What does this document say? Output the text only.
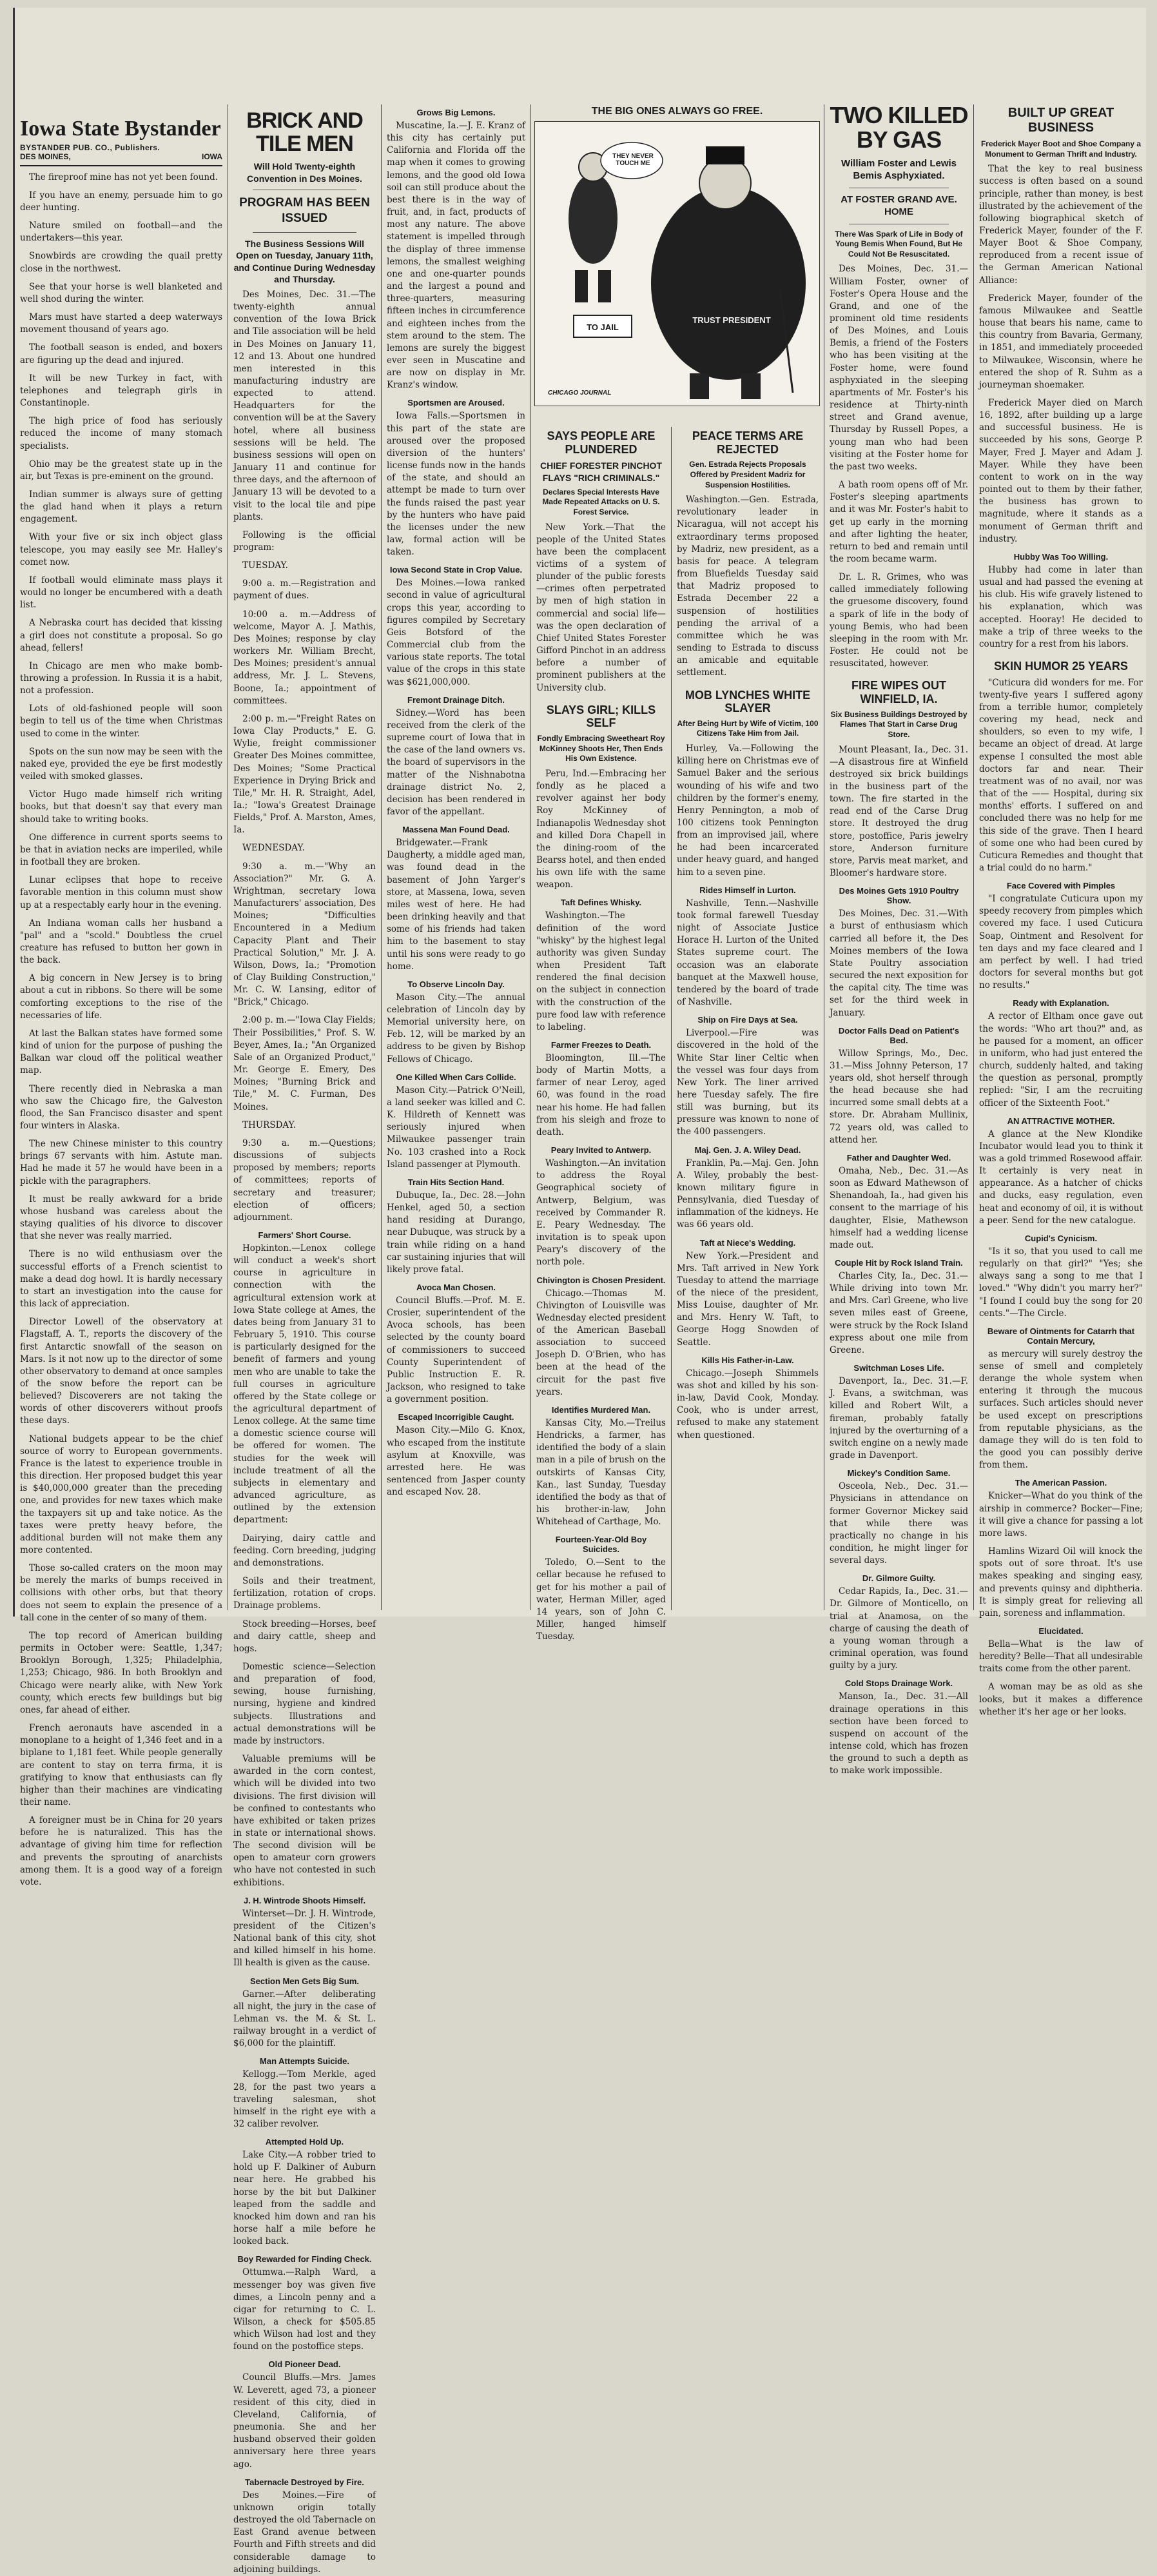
Iowa State Bystander
BYSTANDER PUB. CO., Publishers.
DES MOINES,	IOWA

The fireproof mine has not yet been found.

If you have an enemy, persuade him to go deer hunting.

Nature smiled on football—and the undertakers—this year.

Snowbirds are crowding the quail pretty close in the northwest.

See that your horse is well blanketed and well shod during the winter.

Mars must have started a deep waterways movement thousand of years ago.

The football season is ended, and boxers are figuring up the dead and injured.

It will be new Turkey in fact, with telephones and telegraph girls in Constantinople.

The high price of food has seriously reduced the income of many stomach specialists.

Ohio may be the greatest state up in the air, but Texas is pre-eminent on the ground.

Indian summer is always sure of getting the glad hand when it plays a return engagement.

With your five or six inch object glass telescope, you may easily see Mr. Halley's comet now.

If football would eliminate mass plays it would no longer be encumbered with a death list.

A Nebraska court has decided that kissing a girl does not constitute a proposal. So go ahead, fellers!

In Chicago are men who make bomb-throwing a profession. In Russia it is a habit, not a profession.

Lots of old-fashioned people will soon begin to tell us of the time when Christmas used to come in the winter.

Spots on the sun now may be seen with the naked eye, provided the eye be first modestly veiled with smoked glasses.

Victor Hugo made himself rich writing books, but that doesn't say that every man should take to writing books.

One difference in current sports seems to be that in aviation necks are imperiled, while in football they are broken.

Lunar eclipses that hope to receive favorable mention in this column must show up at a respectably early hour in the evening.

An Indiana woman calls her husband a "pal" and a "scold." Doubtless the cruel creature has refused to button her gown in the back.

A big concern in New Jersey is to bring about a cut in ribbons. So there will be some comforting exceptions to the rise of the necessaries of life.

At last the Balkan states have formed some kind of union for the purpose of pushing the Balkan war cloud off the political weather map.

There recently died in Nebraska a man who saw the Chicago fire, the Galveston flood, the San Francisco disaster and spent four winters in Alaska.

The new Chinese minister to this country brings 67 servants with him. Astute man. Had he made it 57 he would have been in a pickle with the paragraphers.

It must be really awkward for a bride whose husband was careless about the staying qualities of his divorce to discover that she never was really married.

There is no wild enthusiasm over the successful efforts of a French scientist to make a dead dog howl. It is hardly necessary to start an investigation into the cause for this lack of appreciation.

Director Lowell of the observatory at Flagstaff, A. T., reports the discovery of the first Antarctic snowfall of the season on Mars. Is it not now up to the director of some other observatory to demand at once samples of the snow before the report can be believed? Discoverers are not taking the words of other discoverers without proofs these days.

National budgets appear to be the chief source of worry to European governments. France is the latest to experience trouble in this direction. Her proposed budget this year is $40,000,000 greater than the preceding one, and provides for new taxes which make the taxpayers sit up and take notice. As the taxes were pretty heavy before, the additional burden will not make them any more contented.

Those so-called craters on the moon may be merely the marks of bumps received in collisions with other orbs, but that theory does not seem to explain the presence of a tall cone in the center of so many of them.

The top record of American building permits in October were: Seattle, 1,347; Brooklyn Borough, 1,325; Philadelphia, 1,253; Chicago, 986. In both Brooklyn and Chicago were nearly alike, with New York county, which erects few buildings but big ones, far ahead of either.

French aeronauts have ascended in a monoplane to a height of 1,346 feet and in a biplane to 1,181 feet. While people generally are content to stay on terra firma, it is gratifying to know that enthusiasts can fly higher than their machines are vindicating their name.

A foreigner must be in China for 20 years before he is naturalized. This has the advantage of giving him time for reflection and prevents the sprouting of anarchists among them. It is a good way of a foreign vote.

BRICK AND TILE MEN
Will Hold Twenty-eighth Convention in Des Moines.
PROGRAM HAS BEEN ISSUED
The Business Sessions Will Open on Tuesday, January 11th, and Continue During Wednesday and Thursday.

Des Moines, Dec. 31.—The twenty-eighth annual convention of the Iowa Brick and Tile association will be held in Des Moines on January 11, 12 and 13. About one hundred men interested in this manufacturing industry are expected to attend. Headquarters for the convention will be at the Savery hotel, where all business sessions will be held. The business sessions will open on January 11 and continue for three days, and the afternoon of January 13 will be devoted to a visit to the local tile and pipe plants.

Following is the official program:

TUESDAY.

9:00 a. m.—Registration and payment of dues.

10:00 a. m.—Address of welcome, Mayor A. J. Mathis, Des Moines; response by clay workers Mr. William Brecht, Des Moines; president's annual address, Mr. J. L. Stevens, Boone, Ia.; appointment of committees.

2:00 p. m.—"Freight Rates on Iowa Clay Products," E. G. Wylie, freight commissioner Greater Des Moines committee, Des Moines; "Some Practical Experience in Drying Brick and Tile," Mr. H. R. Straight, Adel, Ia.; "Iowa's Greatest Drainage Fields," Prof. A. Marston, Ames, Ia.

WEDNESDAY.

9:30 a. m.—"Why an Association?" Mr. G. A. Wrightman, secretary Iowa Manufacturers' association, Des Moines; "Difficulties Encountered in a Medium Capacity Plant and Their Practical Solution," Mr. J. A. Wilson, Dows, Ia.; "Promotion of Clay Building Construction," Mr. C. W. Lansing, editor of "Brick," Chicago.

2:00 p. m.—"Iowa Clay Fields; Their Possibilities," Prof. S. W. Beyer, Ames, Ia.; "An Organized Sale of an Organized Product," Mr. George E. Emery, Des Moines; "Burning Brick and Tile," M. C. Furman, Des Moines.

THURSDAY.

9:30 a. m.—Questions; discussions of subjects proposed by members; reports of committees; reports of secretary and treasurer; election of officers; adjournment.

Farmers' Short Course.

Hopkinton.—Lenox college will conduct a week's short course in agriculture in connection with the agricultural extension work at Iowa State college at Ames, the dates being from January 31 to February 5, 1910. This course is particularly designed for the benefit of farmers and young men who are unable to take the full courses in agriculture offered by the State college or the agricultural department of Lenox college. At the same time a domestic science course will be offered for women. The studies for the week will include treatment of all the subjects in elementary and advanced agriculture, as outlined by the extension department:

Dairying, dairy cattle and feeding. Corn breeding, judging and demonstrations.

Soils and their treatment, fertilization, rotation of crops. Drainage problems.

Stock breeding—Horses, beef and dairy cattle, sheep and hogs.

Domestic science—Selection and preparation of food, sewing, house furnishing, nursing, hygiene and kindred subjects. Illustrations and actual demonstrations will be made by instructors.

Valuable premiums will be awarded in the corn contest, which will be divided into two divisions. The first division will be confined to contestants who have exhibited or taken prizes in state or international shows. The second division will be open to amateur corn growers who have not contested in such exhibitions.

J. H. Wintrode Shoots Himself.

Winterset—Dr. J. H. Wintrode, president of the Citizen's National bank of this city, shot and killed himself in his home. Ill health is given as the cause.

Section Men Gets Big Sum.

Garner.—After deliberating all night, the jury in the case of Lehman vs. the M. & St. L. railway brought in a verdict of $6,000 for the plaintiff.

Man Attempts Suicide.

Kellogg.—Tom Merkle, aged 28, for the past two years a traveling salesman, shot himself in the right eye with a 32 caliber revolver.

Attempted Hold Up.

Lake City.—A robber tried to hold up F. Dalkiner of Auburn near here. He grabbed his horse by the bit but Dalkiner leaped from the saddle and knocked him down and ran his horse half a mile before he looked back.

Boy Rewarded for Finding Check.

Ottumwa.—Ralph Ward, a messenger boy was given five dimes, a Lincoln penny and a cigar for returning to C. L. Wilson, a check for $505.85 which Wilson had lost and they found on the postoffice steps.

Old Pioneer Dead.

Council Bluffs.—Mrs. James W. Leverett, aged 73, a pioneer resident of this city, died in Cleveland, California, of pneumonia. She and her husband observed their golden anniversary here three years ago.

Tabernacle Destroyed by Fire.

Des Moines.—Fire of unknown origin totally destroyed the old Tabernacle on East Grand avenue between Fourth and Fifth streets and did considerable damage to adjoining buildings.

Grows Big Lemons.

Muscatine, Ia.—J. E. Kranz of this city has certainly put California and Florida off the map when it comes to growing lemons, and the good old Iowa soil can still produce about the best there is in the way of fruit, and, in fact, products of most any nature. The above statement is impelled through the display of three immense lemons, the smallest weighing one and one-quarter pounds and the largest a pound and three-quarters, measuring fifteen inches in circumference and eighteen inches from the stem around to the stem. The lemons are surely the biggest ever seen in Muscatine and are now on display in Mr. Kranz's window.

Sportsmen are Aroused.

Iowa Falls.—Sportsmen in this part of the state are aroused over the proposed diversion of the hunters' license funds now in the hands of the state, and should an attempt be made to turn over the funds raised the past year by the hunters who have paid the licenses under the new law, formal action will be taken.

Iowa Second State in Crop Value.

Des Moines.—Iowa ranked second in value of agricultural crops this year, according to figures compiled by Secretary Geis Botsford of the Commercial club from the various state reports. The total value of the crops in this state was $621,000,000.

Fremont Drainage Ditch.

Sidney.—Word has been received from the clerk of the supreme court of Iowa that in the case of the land owners vs. the board of supervisors in the matter of the Nishnabotna drainage district No. 2, decision has been rendered in favor of the appellant.

Massena Man Found Dead.

Bridgewater.—Frank Daugherty, a middle aged man, was found dead in the basement of John Yarger's store, at Massena, Iowa, seven miles west of here. He had been drinking heavily and that some of his friends had taken him to the basement to stay until his sons were ready to go home.

To Observe Lincoln Day.

Mason City.—The annual celebration of Lincoln day by Memorial university here, on Feb. 12, will be marked by an address to be given by Bishop Fellows of Chicago.

One Killed When Cars Collide.

Mason City.—Patrick O'Neill, a land seeker was killed and C. K. Hildreth of Kennett was seriously injured when Milwaukee passenger train No. 103 crashed into a Rock Island passenger at Plymouth.

Train Hits Section Hand.

Dubuque, Ia., Dec. 28.—John Henkel, aged 50, a section hand residing at Durango, near Dubuque, was struck by a train while riding on a hand car sustaining injuries that will likely prove fatal.

Avoca Man Chosen.

Council Bluffs.—Prof. M. E. Crosier, superintendent of the Avoca schools, has been selected by the county board of commissioners to succeed County Superintendent of Public Instruction E. R. Jackson, who resigned to take a government position.

Escaped Incorrigible Caught.

Mason City.—Milo G. Knox, who escaped from the institute asylum at Knoxville, was arrested here. He was sentenced from Jasper county and escaped Nov. 28.

THE BIG ONES ALWAYS GO FREE.
THEY NEVER TOUCH ME
TO JAIL
TRUST PRESIDENT
CHICAGO JOURNAL
SAYS PEOPLE ARE PLUNDERED
CHIEF FORESTER PINCHOT FLAYS "RICH CRIMINALS."
Declares Special Interests Have Made Repeated Attacks on U. S. Forest Service.

New York.—That the people of the United States have been the complacent victims of a system of plunder of the public forests—crimes often perpetrated by men of high station in commercial and social life—was the open declaration of Chief United States Forester Gifford Pinchot in an address before a number of prominent publishers at the University club.

SLAYS GIRL; KILLS SELF
Fondly Embracing Sweetheart Roy McKinney Shoots Her, Then Ends His Own Existence.

Peru, Ind.—Embracing her fondly as he placed a revolver against her body Roy McKinney of Indianapolis Wednesday shot and killed Dora Chapell in the dining-room of the Bearss hotel, and then ended his own life with the same weapon.

Taft Defines Whisky.

Washington.—The definition of the word "whisky" by the highest legal authority was given Sunday when President Taft rendered the final decision on the subject in connection with the construction of the pure food law with reference to labeling.

Farmer Freezes to Death.

Bloomington, Ill.—The body of Martin Motts, a farmer of near Leroy, aged 60, was found in the road near his home. He had fallen from his sleigh and froze to death.

Peary Invited to Antwerp.

Washington.—An invitation to address the Royal Geographical society of Antwerp, Belgium, was received by Commander R. E. Peary Wednesday. The invitation is to speak upon Peary's discovery of the north pole.

Chivington is Chosen President.

Chicago.—Thomas M. Chivington of Louisville was Wednesday elected president of the American Baseball association to succeed Joseph D. O'Brien, who has been at the head of the circuit for the past five years.

Identifies Murdered Man.

Kansas City, Mo.—Treilus Hendricks, a farmer, has identified the body of a slain man in a pile of brush on the outskirts of Kansas City, Kan., last Sunday, Tuesday identified the body as that of his brother-in-law, John Whitehead of Carthage, Mo.

Fourteen-Year-Old Boy Suicides.

Toledo, O.—Sent to the cellar because he refused to get for his mother a pail of water, Herman Miller, aged 14 years, son of John C. Miller, hanged himself Tuesday.

PEACE TERMS ARE REJECTED
Gen. Estrada Rejects Proposals Offered by President Madriz for Suspension Hostilities.

Washington.—Gen. Estrada, revolutionary leader in Nicaragua, will not accept his extraordinary terms proposed by Madriz, new president, as a basis for peace. A telegram from Bluefields Tuesday said that Madriz proposed to Estrada December 22 a suspension of hostilities pending the arrival of a committee which he was sending to Estrada to discuss an amicable and equitable settlement.

MOB LYNCHES WHITE SLAYER
After Being Hurt by Wife of Victim, 100 Citizens Take Him from Jail.

Hurley, Va.—Following the killing here on Christmas eve of Samuel Baker and the serious wounding of his wife and two children by the former's enemy, Henry Pennington, a mob of 100 citizens took Pennington from an improvised jail, where he had been incarcerated under heavy guard, and hanged him to a seven pine.

Rides Himself in Lurton.

Nashville, Tenn.—Nashville took formal farewell Tuesday night of Associate Justice Horace H. Lurton of the United States supreme court. The occasion was an elaborate banquet at the Maxwell house, tendered by the board of trade of Nashville.

Ship on Fire Days at Sea.

Liverpool.—Fire was discovered in the hold of the White Star liner Celtic when the vessel was four days from New York. The liner arrived here Tuesday safely. The fire still was burning, but its pressure was known to none of the 400 passengers.

Maj. Gen. J. A. Wiley Dead.

Franklin, Pa.—Maj. Gen. John A. Wiley, probably the best-known military figure in Pennsylvania, died Tuesday of inflammation of the kidneys. He was 66 years old.

Taft at Niece's Wedding.

New York.—President and Mrs. Taft arrived in New York Tuesday to attend the marriage of the niece of the president, Miss Louise, daughter of Mr. and Mrs. Henry W. Taft, to George Hogg Snowden of Seattle.

Kills His Father-in-Law.

Chicago.—Joseph Shimmels was shot and killed by his son-in-law, David Cook, Monday. Cook, who is under arrest, refused to make any statement when questioned.

TWO KILLED BY GAS
William Foster and Lewis Bemis Asphyxiated.
AT FOSTER GRAND AVE. HOME
There Was Spark of Life in Body of Young Bemis When Found, But He Could Not Be Resuscitated.

Des Moines, Dec. 31.—William Foster, owner of Foster's Opera House and the Grand, and one of the prominent old time residents of Des Moines, and Louis Bemis, a friend of the Fosters who has been visiting at the Foster home, were found asphyxiated in the sleeping apartments of Mr. Foster's his residence at Thirty-ninth street and Grand avenue, Thursday by Russell Popes, a young man who had been visiting at the Foster home for the past two weeks.

A bath room opens off of Mr. Foster's sleeping apartments and it was Mr. Foster's habit to get up early in the morning and after lighting the heater, return to bed and remain until the room became warm.

Dr. L. R. Grimes, who was called immediately following the gruesome discovery, found a spark of life in the body of young Bemis, who had been sleeping in the room with Mr. Foster. He could not be resuscitated, however.

FIRE WIPES OUT WINFIELD, IA.
Six Business Buildings Destroyed by Flames That Start in Carse Drug Store.

Mount Pleasant, Ia., Dec. 31.—A disastrous fire at Winfield destroyed six brick buildings in the business part of the town. The fire started in the read end of the Carse Drug store. It destroyed the drug store, postoffice, Paris jewelry store, Anderson furniture store, Parvis meat market, and Bloomer's hardware store.

Des Moines Gets 1910 Poultry Show.

Des Moines, Dec. 31.—With a burst of enthusiasm which carried all before it, the Des Moines members of the Iowa State Poultry association secured the next exposition for the capital city. The time was set for the third week in January.

Doctor Falls Dead on Patient's Bed.

Willow Springs, Mo., Dec. 31.—Miss Johnny Peterson, 17 years old, shot herself through the head because she had incurred some small debts at a store. Dr. Abraham Mullinix, 72 years old, was called to attend her.

Father and Daughter Wed.

Omaha, Neb., Dec. 31.—As soon as Edward Mathewson of Shenandoah, Ia., had given his consent to the marriage of his daughter, Elsie, Mathewson himself had a wedding license made out.

Couple Hit by Rock Island Train.

Charles City, Ia., Dec. 31.—While driving into town Mr. and Mrs. Carl Greene, who live seven miles east of Greene, were struck by the Rock Island express about one mile from Greene.

Switchman Loses Life.

Davenport, Ia., Dec. 31.—F. J. Evans, a switchman, was killed and Robert Wilt, a fireman, probably fatally injured by the overturning of a switch engine on a newly made grade in Davenport.

Mickey's Condition Same.

Osceola, Neb., Dec. 31.—Physicians in attendance on former Governor Mickey said that while there was practically no change in his condition, he might linger for several days.

Dr. Gilmore Guilty.

Cedar Rapids, Ia., Dec. 31.—Dr. Gilmore of Monticello, on trial at Anamosa, on the charge of causing the death of a young woman through a criminal operation, was found guilty by a jury.

Cold Stops Drainage Work.

Manson, Ia., Dec. 31.—All drainage operations in this section have been forced to suspend on account of the intense cold, which has frozen the ground to such a depth as to make work impossible.

BUILT UP GREAT BUSINESS
Frederick Mayer Boot and Shoe Company a Monument to German Thrift and Industry.

That the key to real business success is often based on a sound principle, rather than money, is best illustrated by the achievement of the following biographical sketch of Frederick Mayer, founder of the F. Mayer Boot & Shoe Company, reproduced from a recent issue of the German American National Alliance:

Frederick Mayer, founder of the famous Milwaukee and Seattle house that bears his name, came to this country from Bavaria, Germany, in 1851, and immediately proceeded to Milwaukee, Wisconsin, where he entered the shop of R. Suhm as a journeyman shoemaker.

Frederick Mayer died on March 16, 1892, after building up a large and successful business. He is succeeded by his sons, George P. Mayer, Fred J. Mayer and Adam J. Mayer. While they have been content to work on in the way pointed out to them by their father, the business has grown to magnitude, where it stands as a monument of German thrift and industry.

Hubby Was Too Willing.

Hubby had come in later than usual and had passed the evening at his club. His wife gravely listened to his explanation, which was accepted. Hooray! He decided to make a trip of three weeks to the country for a rest from his labors.

SKIN HUMOR 25 YEARS

"Cuticura did wonders for me. For twenty-five years I suffered agony from a terrible humor, completely covering my head, neck and shoulders, so even to my wife, I became an object of dread. At large expense I consulted the most able doctors far and near. Their treatment was of no avail, nor was that of the —— Hospital, during six months' efforts. I suffered on and concluded there was no help for me this side of the grave. Then I heard of some one who had been cured by Cuticura Remedies and thought that a trial could do no harm."

Face Covered with Pimples

"I congratulate Cuticura upon my speedy recovery from pimples which covered my face. I used Cuticura Soap, Ointment and Resolvent for ten days and my face cleared and I am perfect by well. I had tried doctors for several months but got no results."

Ready with Explanation.

A rector of Eltham once gave out the words: "Who art thou?" and, as he paused for a moment, an officer in uniform, who had just entered the church, suddenly halted, and taking the question as personal, promptly replied: "Sir, I am the recruiting officer of the Sixteenth Foot."

AN ATTRACTIVE MOTHER.

A glance at the New Klondike Incubator would lead you to think it was a gold trimmed Rosewood affair. It certainly is very neat in appearance. As a hatcher of chicks and ducks, easy regulation, even heat and economy of oil, it is without a peer. Send for the new catalogue.

Cupid's Cynicism.

"Is it so, that you used to call me regularly on that girl?" "Yes; she always sang a song to me that I loved." "Why didn't you marry her?" "I found I could buy the song for 20 cents."—The Circle.

Beware of Ointments for Catarrh that Contain Mercury,

as mercury will surely destroy the sense of smell and completely derange the whole system when entering it through the mucous surfaces. Such articles should never be used except on prescriptions from reputable physicians, as the damage they will do is ten fold to the good you can possibly derive from them.

The American Passion.

Knicker—What do you think of the airship in commerce? Bocker—Fine; it will give a chance for passing a lot more laws.

Hamlins Wizard Oil will knock the spots out of sore throat. It's use makes speaking and singing easy, and prevents quinsy and diphtheria. It is simply great for relieving all pain, soreness and inflammation.

Elucidated.

Bella—What is the law of heredity? Belle—That all undesirable traits come from the other parent.

A woman may be as old as she looks, but it makes a difference whether it's her age or her looks.
